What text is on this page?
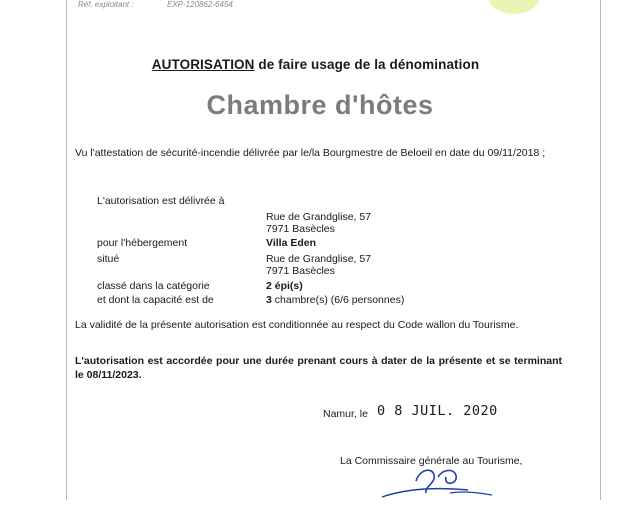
Réf. exploitant :	EXP-120862-6454
AUTORISATION de faire usage de la dénomination
Chambre d'hôtes
Vu l'attestation de sécurité-incendie délivrée par le/la Bourgmestre de Beloeil en date du 09/11/2018 ;
L'autorisation est délivrée à
Rue de Grandglise, 57
7971 Basècles
pour l'hébergement	Villa Eden
situé	Rue de Grandglise, 57
7971 Basècles
classé dans la catégorie	2 épi(s)
et dont la capacité est de	3 chambre(s) (6/6 personnes)
La validité de la présente autorisation est conditionnée au respect du Code wallon du Tourisme.
L'autorisation est accordée pour une durée prenant cours à dater de la présente et se terminant le 08/11/2023.
Namur, le 0 8 JUIL. 2020
La Commissaire générale au Tourisme,
